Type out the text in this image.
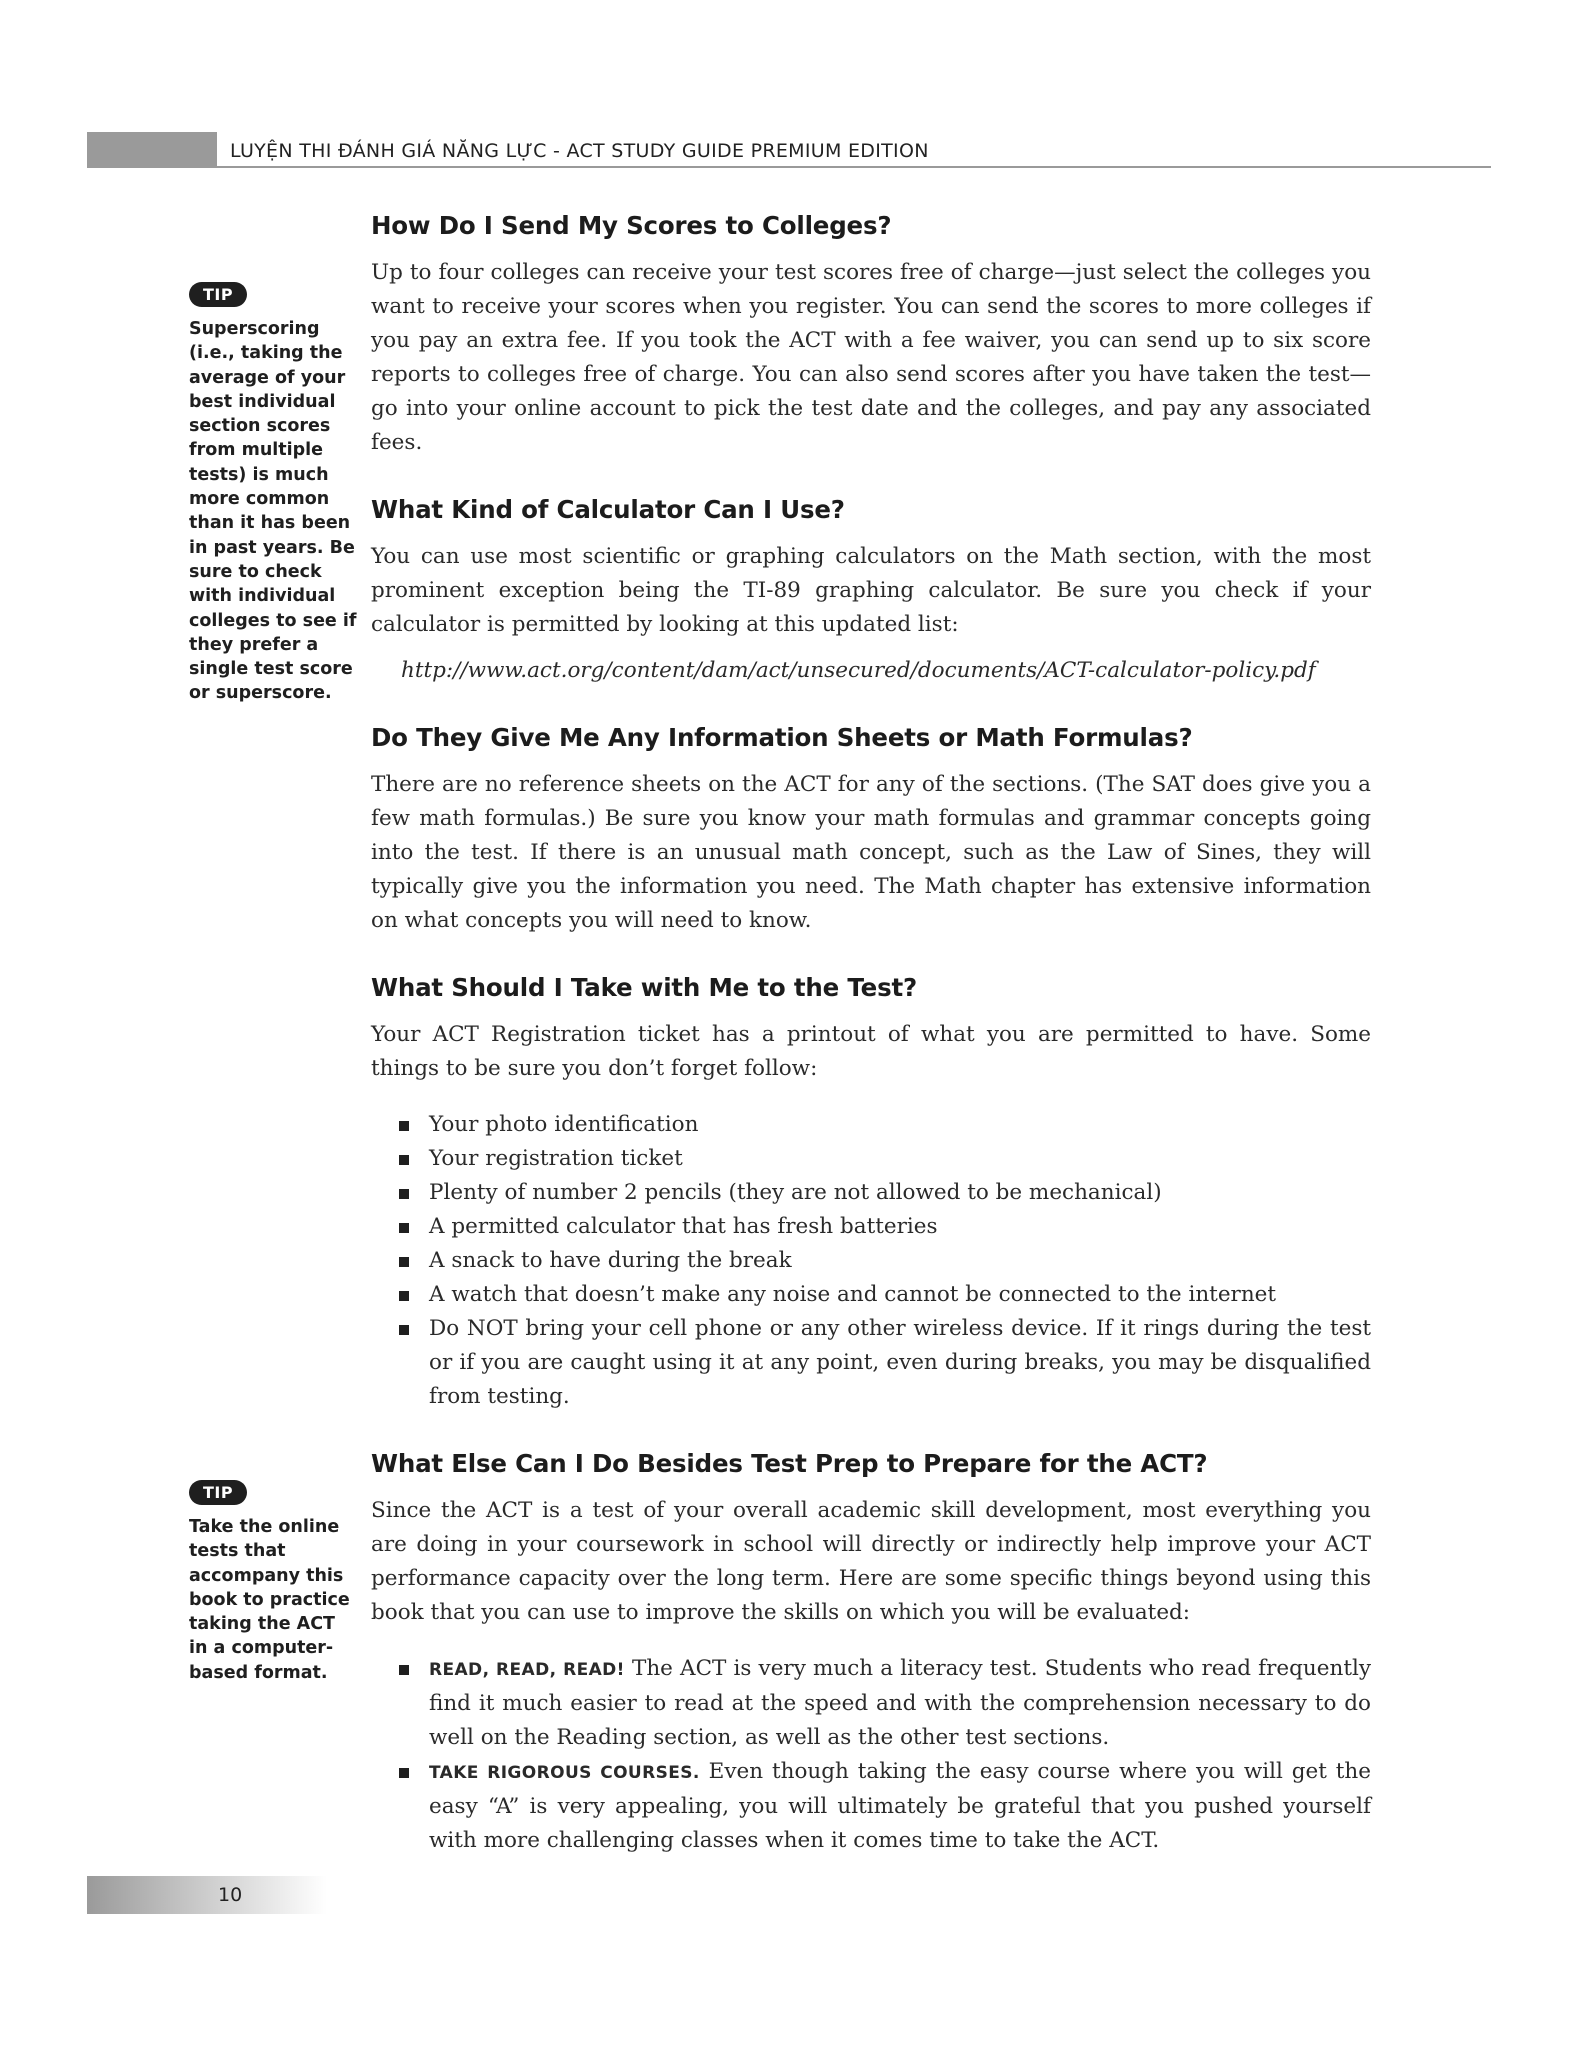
LUYỆN THI ĐÁNH GIÁ NĂNG LỰC - ACT STUDY GUIDE PREMIUM EDITION
TIP
Superscoring (i.e., taking the average of your best individual section scores from multiple tests) is much more common than it has been in past years. Be sure to check with individual colleges to see if they prefer a single test score or superscore.
TIP
Take the online tests that accompany this book to practice taking the ACT in a computer-based format.
How Do I Send My Scores to Colleges?

Up to four colleges can receive your test scores free of charge—just select the colleges you want to receive your scores when you register. You can send the scores to more colleges if you pay an extra fee. If you took the ACT with a fee waiver, you can send up to six score reports to colleges free of charge. You can also send scores after you have taken the test—go into your online account to pick the test date and the colleges, and pay any associated fees.

What Kind of Calculator Can I Use?

You can use most scientific or graphing calculators on the Math section, with the most prominent exception being the TI-89 graphing calculator. Be sure you check if your calculator is permitted by looking at this updated list:

http://www.act.org/content/dam/act/unsecured/documents/ACT-calculator-policy.pdf
Do They Give Me Any Information Sheets or Math Formulas?

There are no reference sheets on the ACT for any of the sections. (The SAT does give you a few math formulas.) Be sure you know your math formulas and grammar concepts going into the test. If there is an unusual math concept, such as the Law of Sines, they will typically give you the information you need. The Math chapter has extensive information on what concepts you will need to know.

What Should I Take with Me to the Test?

Your ACT Registration ticket has a printout of what you are permitted to have. Some things to be sure you don’t forget follow:

Your photo identification
Your registration ticket
Plenty of number 2 pencils (they are not allowed to be mechanical)
A permitted calculator that has fresh batteries
A snack to have during the break
A watch that doesn’t make any noise and cannot be connected to the internet
Do NOT bring your cell phone or any other wireless device. If it rings during the test or if you are caught using it at any point, even during breaks, you may be disqualified from testing.
What Else Can I Do Besides Test Prep to Prepare for the ACT?

Since the ACT is a test of your overall academic skill development, most everything you are doing in your coursework in school will directly or indirectly help improve your ACT performance capacity over the long term. Here are some specific things beyond using this book that you can use to improve the skills on which you will be evaluated:

READ, READ, READ! The ACT is very much a literacy test. Students who read frequently find it much easier to read at the speed and with the comprehension necessary to do well on the Reading section, as well as the other test sections.
TAKE RIGOROUS COURSES. Even though taking the easy course where you will get the easy “A” is very appealing, you will ultimately be grateful that you pushed yourself with more challenging classes when it comes time to take the ACT.
10
